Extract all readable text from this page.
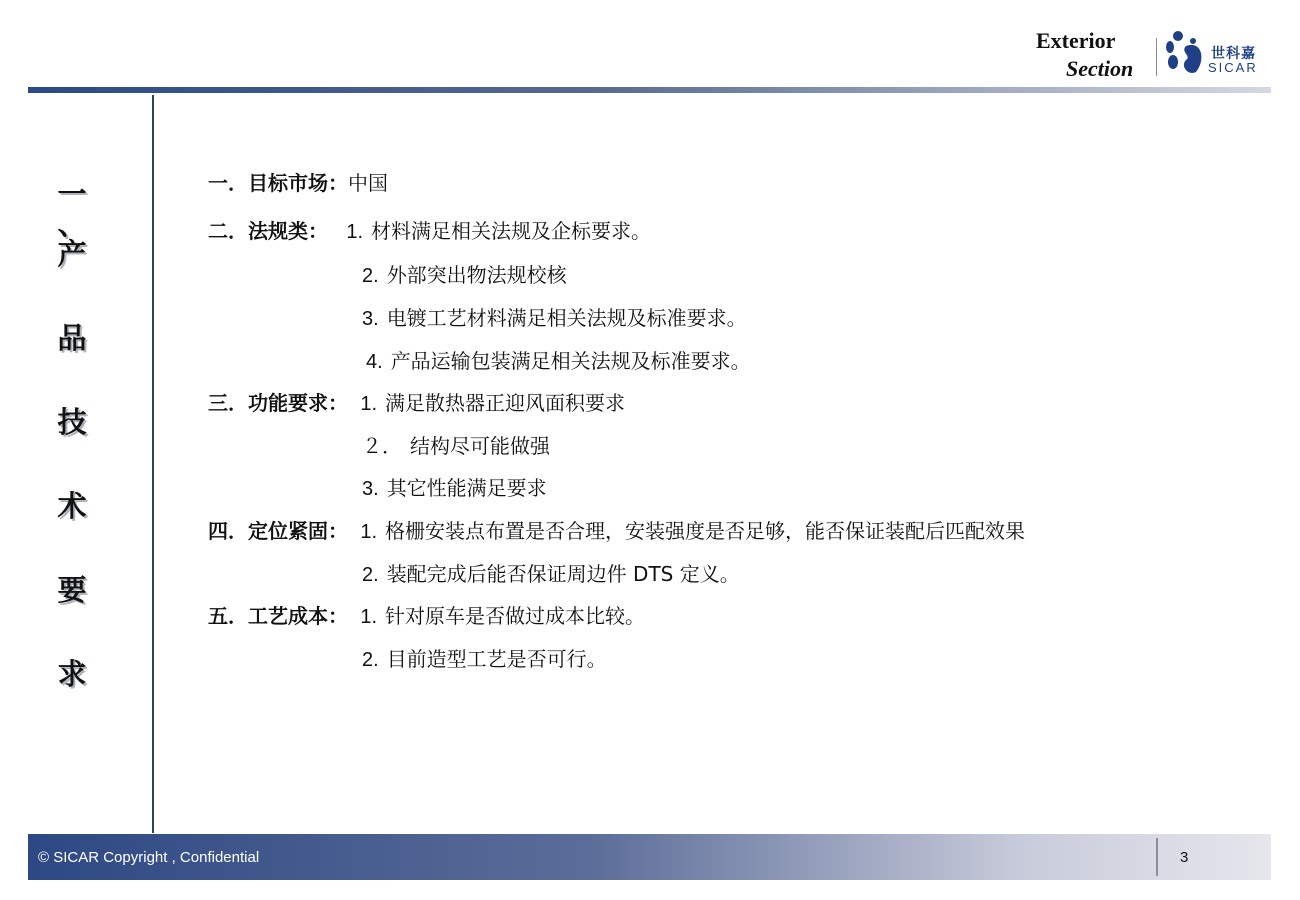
Exterior
Section
世科嘉
SICAR
一
、
产
品
技
术
要
求
一．目标市场：中国
二．法规类： 1. 材料满足相关法规及企标要求。
2. 外部突出物法规校核
3. 电镀工艺材料满足相关法规及标准要求。
4. 产品运输包装满足相关法规及标准要求。
三．功能要求： 1. 满足散热器正迎风面积要求
２． 结构尽可能做强
3. 其它性能满足要求
四．定位紧固： 1. 格栅安装点布置是否合理，安装强度是否足够，能否保证装配后匹配效果
2. 装配完成后能否保证周边件 DTS 定义。
五．工艺成本： 1. 针对原车是否做过成本比较。
2. 目前造型工艺是否可行。
© SICAR Copyright , Confidential	3
